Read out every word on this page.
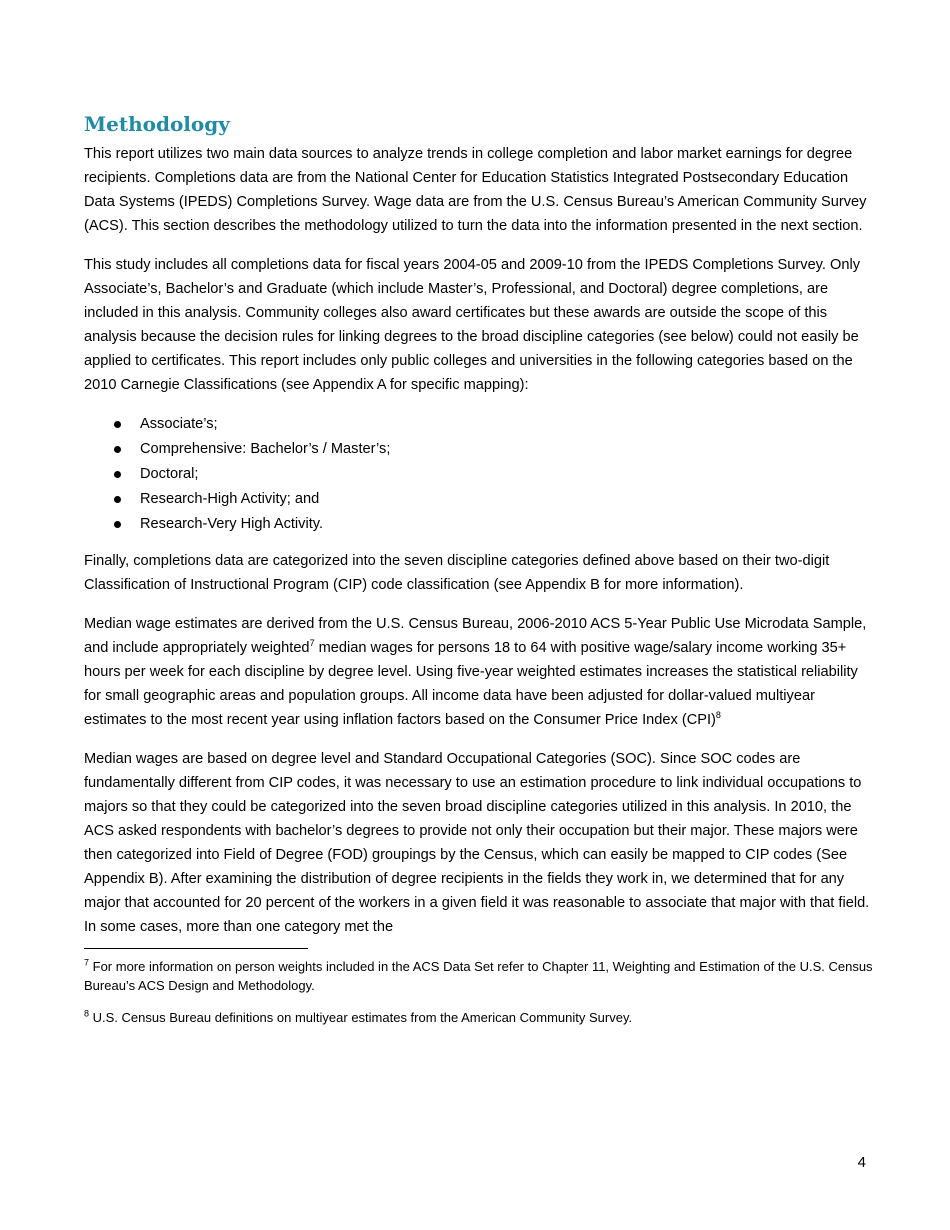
Methodology

This report utilizes two main data sources to analyze trends in college completion and labor market earnings for degree recipients. Completions data are from the National Center for Education Statistics Integrated Postsecondary Education Data Systems (IPEDS) Completions Survey. Wage data are from the U.S. Census Bureau’s American Community Survey (ACS). This section describes the methodology utilized to turn the data into the information presented in the next section.

This study includes all completions data for fiscal years 2004-05 and 2009-10 from the IPEDS Completions Survey. Only Associate’s, Bachelor’s and Graduate (which include Master’s, Professional, and Doctoral) degree completions, are included in this analysis. Community colleges also award certificates but these awards are outside the scope of this analysis because the decision rules for linking degrees to the broad discipline categories (see below) could not easily be applied to certificates. This report includes only public colleges and universities in the following categories based on the 2010 Carnegie Classifications (see Appendix A for specific mapping):

Associate’s;
Comprehensive: Bachelor’s / Master’s;
Doctoral;
Research-High Activity; and
Research-Very High Activity.

Finally, completions data are categorized into the seven discipline categories defined above based on their two-digit Classification of Instructional Program (CIP) code classification (see Appendix B for more information).

Median wage estimates are derived from the U.S. Census Bureau, 2006-2010 ACS 5-Year Public Use Microdata Sample, and include appropriately weighted$^7$ median wages for persons 18 to 64 with positive wage/salary income working 35+ hours per week for each discipline by degree level. Using five-year weighted estimates increases the statistical reliability for small geographic areas and population groups. All income data have been adjusted for dollar-valued multiyear estimates to the most recent year using inflation factors based on the Consumer Price Index (CPI)$^8$

Median wages are based on degree level and Standard Occupational Categories (SOC). Since SOC codes are fundamentally different from CIP codes, it was necessary to use an estimation procedure to link individual occupations to majors so that they could be categorized into the seven broad discipline categories utilized in this analysis. In 2010, the ACS asked respondents with bachelor’s degrees to provide not only their occupation but their major. These majors were then categorized into Field of Degree (FOD) groupings by the Census, which can easily be mapped to CIP codes (See Appendix B). After examining the distribution of degree recipients in the fields they work in, we determined that for any major that accounted for 20 percent of the workers in a given field it was reasonable to associate that major with that field. In some cases, more than one category met the

$^7$ For more information on person weights included in the ACS Data Set refer to Chapter 11, Weighting and Estimation of the U.S. Census Bureau’s ACS Design and Methodology.

$^8$ U.S. Census Bureau definitions on multiyear estimates from the American Community Survey.

4
